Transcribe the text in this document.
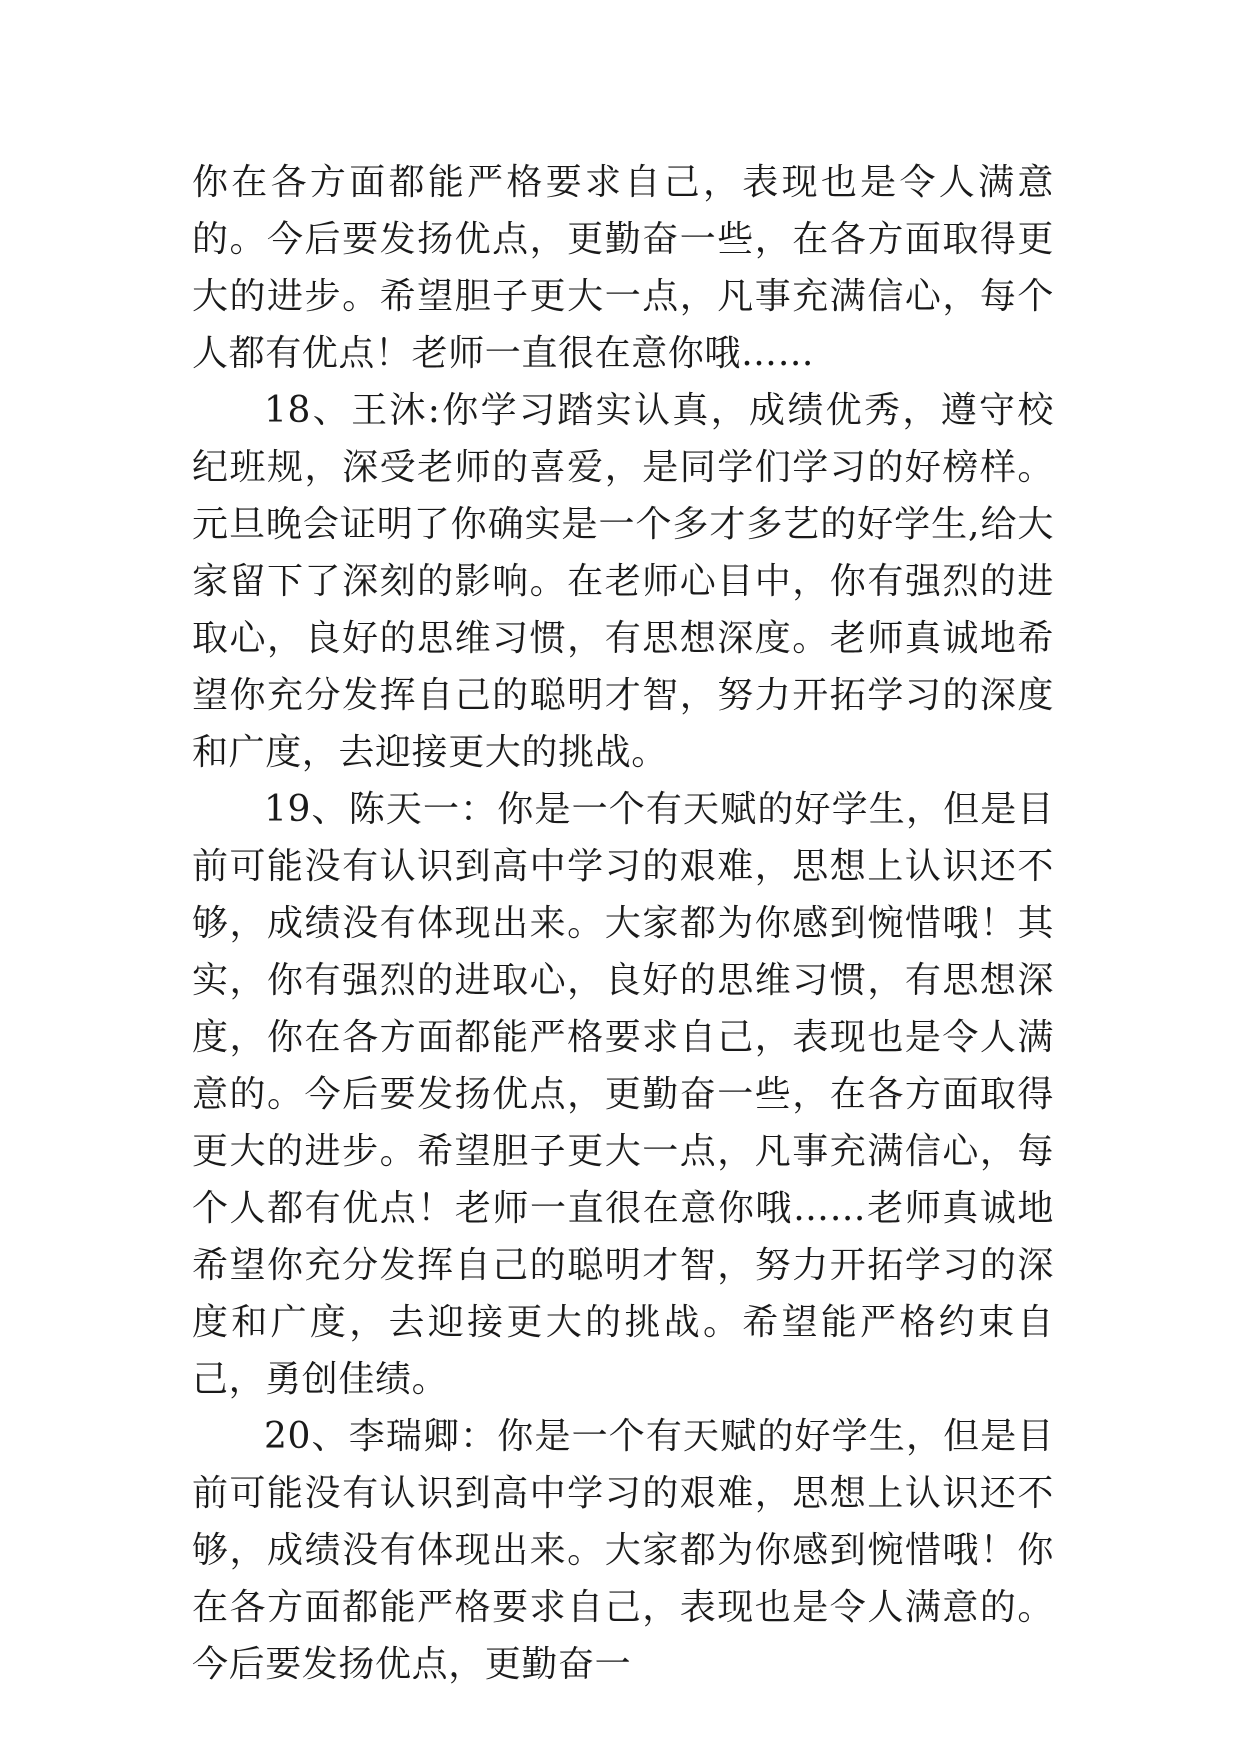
你在各方面都能严格要求自己，表现也是令人满意的。今后要发扬优点，更勤奋一些，在各方面取得更大的进步。希望胆子更大一点，凡事充满信心，每个人都有优点！老师一直很在意你哦……

18、王沐:你学习踏实认真，成绩优秀，遵守校纪班规，深受老师的喜爱，是同学们学习的好榜样。元旦晚会证明了你确实是一个多才多艺的好学生,给大家留下了深刻的影响。在老师心目中，你有强烈的进取心，良好的思维习惯，有思想深度。老师真诚地希望你充分发挥自己的聪明才智，努力开拓学习的深度和广度，去迎接更大的挑战。

19、陈天一：你是一个有天赋的好学生，但是目前可能没有认识到高中学习的艰难，思想上认识还不够，成绩没有体现出来。大家都为你感到惋惜哦！其实，你有强烈的进取心，良好的思维习惯，有思想深度，你在各方面都能严格要求自己，表现也是令人满意的。今后要发扬优点，更勤奋一些，在各方面取得更大的进步。希望胆子更大一点，凡事充满信心，每个人都有优点！老师一直很在意你哦……老师真诚地希望你充分发挥自己的聪明才智，努力开拓学习的深度和广度，去迎接更大的挑战。希望能严格约束自己，勇创佳绩。

20、李瑞卿：你是一个有天赋的好学生，但是目前可能没有认识到高中学习的艰难，思想上认识还不够，成绩没有体现出来。大家都为你感到惋惜哦！你在各方面都能严格要求自己，表现也是令人满意的。今后要发扬优点，更勤奋一
